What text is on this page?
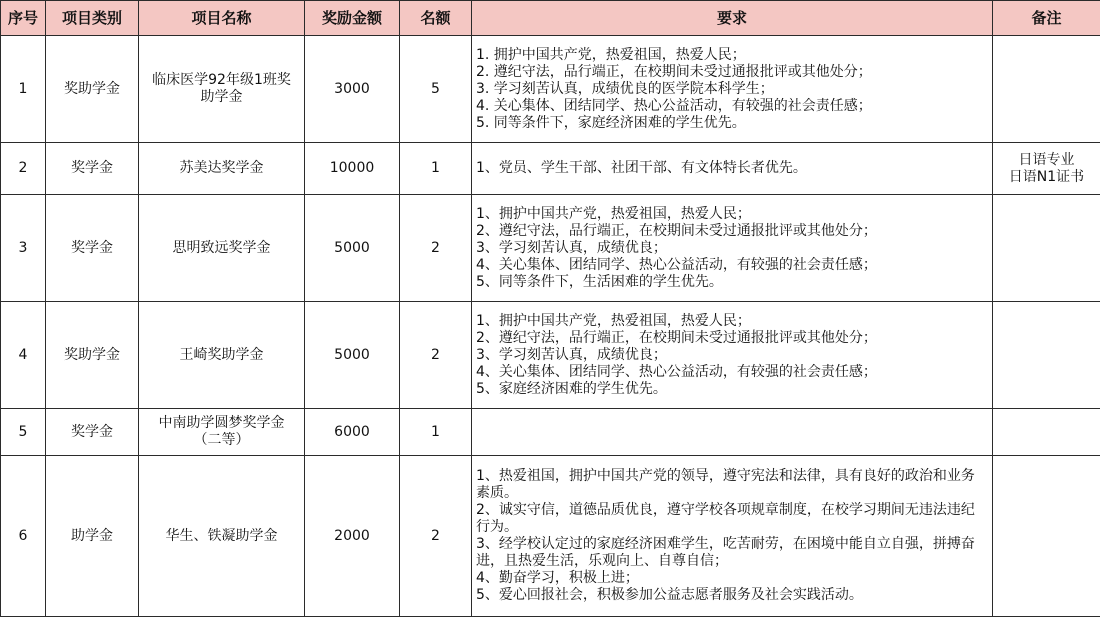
序号	项目类别	项目名称	奖励金额	名额	要求	备注
1	奖助学金	临床医学92年级1班奖助学金	3000	5	1. 拥护中国共产党，热爱祖国，热爱人民；
2. 遵纪守法，品行端正，在校期间未受过通报批评或其他处分；
3. 学习刻苦认真，成绩优良的医学院本科学生；
4. 关心集体、团结同学、热心公益活动，有较强的社会责任感；
5. 同等条件下，家庭经济困难的学生优先。	

2	奖学金	苏美达奖学金	10000	1	1、党员、学生干部、社团干部、有文体特长者优先。	日语专业
日语N1证书

3	奖学金	思明致远奖学金	5000	2	1、拥护中国共产党，热爱祖国，热爱人民；
2、遵纪守法，品行端正，在校期间未受过通报批评或其他处分；
3、学习刻苦认真，成绩优良；
4、关心集体、团结同学、热心公益活动，有较强的社会责任感；
5、同等条件下，生活困难的学生优先。	

4	奖助学金	王崎奖助学金	5000	2	1、拥护中国共产党，热爱祖国，热爱人民；
2、遵纪守法，品行端正，在校期间未受过通报批评或其他处分；
3、学习刻苦认真，成绩优良；
4、关心集体、团结同学、热心公益活动，有较强的社会责任感；
5、家庭经济困难的学生优先。	

5	奖学金	中南助学圆梦奖学金（二等）	6000	1		
6	助学金	华生、铁凝助学金	2000	2	1、热爱祖国，拥护中国共产党的领导，遵守宪法和法律，具有良好的政治和业务素质。
2、诚实守信，道德品质优良，遵守学校各项规章制度，在校学习期间无违法违纪行为。
3、经学校认定过的家庭经济困难学生，吃苦耐劳，在困境中能自立自强，拼搏奋进，且热爱生活，乐观向上、自尊自信；
4、勤奋学习，积极上进；
5、爱心回报社会，积极参加公益志愿者服务及社会实践活动。	
